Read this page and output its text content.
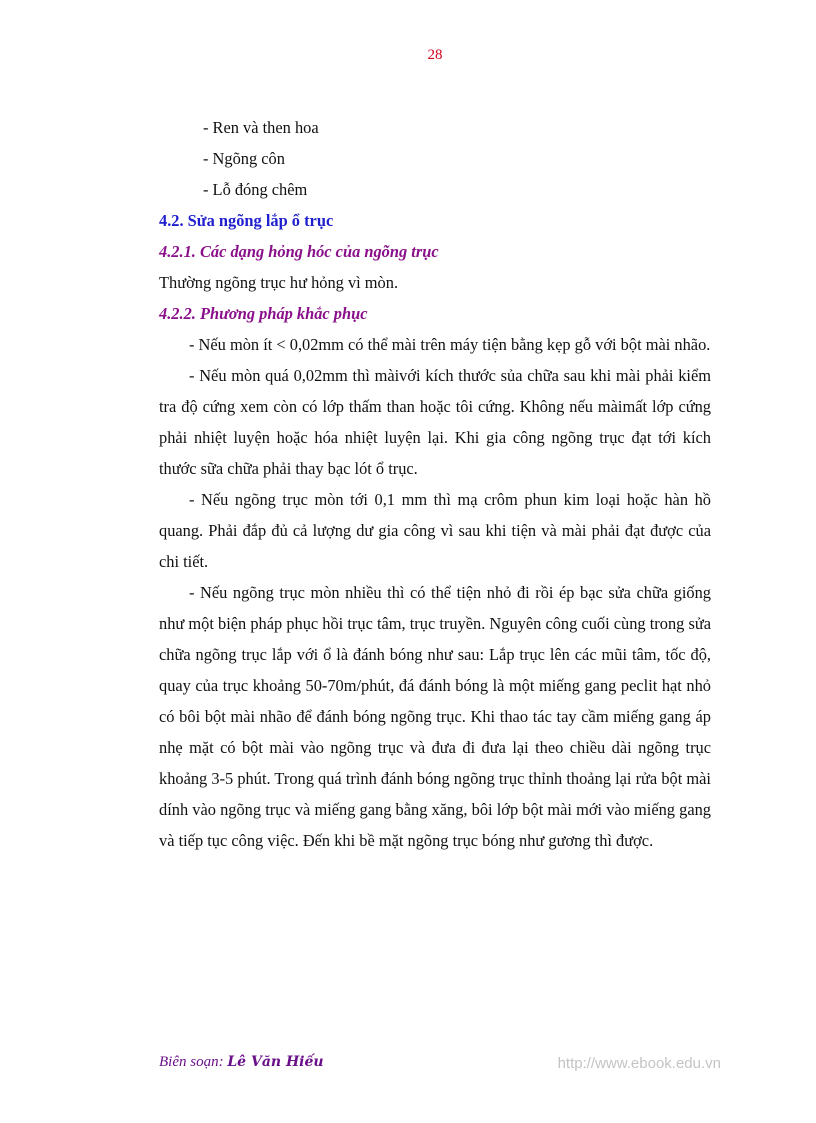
28
- Ren và then hoa
- Ngõng côn
- Lỗ đóng chêm
4.2. Sửa ngõng lắp ổ trục
4.2.1. Các dạng hỏng hóc của ngõng trục
Thường ngõng trục hư hỏng vì mòn.
4.2.2. Phương pháp khắc phục
- Nếu mòn ít < 0,02mm có thể mài trên máy tiện bằng kẹp gỗ với bột mài nhão.
- Nếu mòn quá 0,02mm thì màivới kích thước sủa chữa sau khi mài phải kiểm tra độ cứng xem còn có lớp thấm than hoặc tôi cứng. Không nếu màimất lớp cứng phải nhiệt luyện hoặc hóa nhiệt luyện lại. Khi gia công ngõng trục đạt tới kích thước sữa chữa phải thay bạc lót ổ trục.
- Nếu ngõng trục mòn tới 0,1 mm thì mạ crôm phun kim loại hoặc hàn hồ quang. Phải đắp đủ cả lượng dư gia công vì sau khi tiện và mài phải đạt được của chi tiết.
- Nếu ngõng trục mòn nhiều thì có thể tiện nhỏ đi rồi ép bạc sửa chữa giống như một biện pháp phục hồi trục tâm, trục truyền. Nguyên công cuối cùng trong sửa chữa ngõng trục lắp với ổ là đánh bóng như sau: Lắp trục lên các mũi tâm, tốc độ, quay của trục khoảng 50-70m/phút, đá đánh bóng là một miếng gang peclit hạt nhỏ có bôi bột mài nhão để đánh bóng ngõng trục. Khi thao tác tay cầm miếng gang áp nhẹ mặt có bột mài vào ngõng trục và đưa đi đưa lại theo chiều dài ngõng trục khoảng 3-5 phút. Trong quá trình đánh bóng ngõng trục thỉnh thoảng lại rửa bột mài dính vào ngõng trục và miếng gang bằng xăng, bôi lớp bột mài mới vào miếng gang và tiếp tục công việc. Đến khi bề mặt ngõng trục bóng như gương thì được.
Biên soạn: Lê Văn Hiếu	http://www.ebook.edu.vn
